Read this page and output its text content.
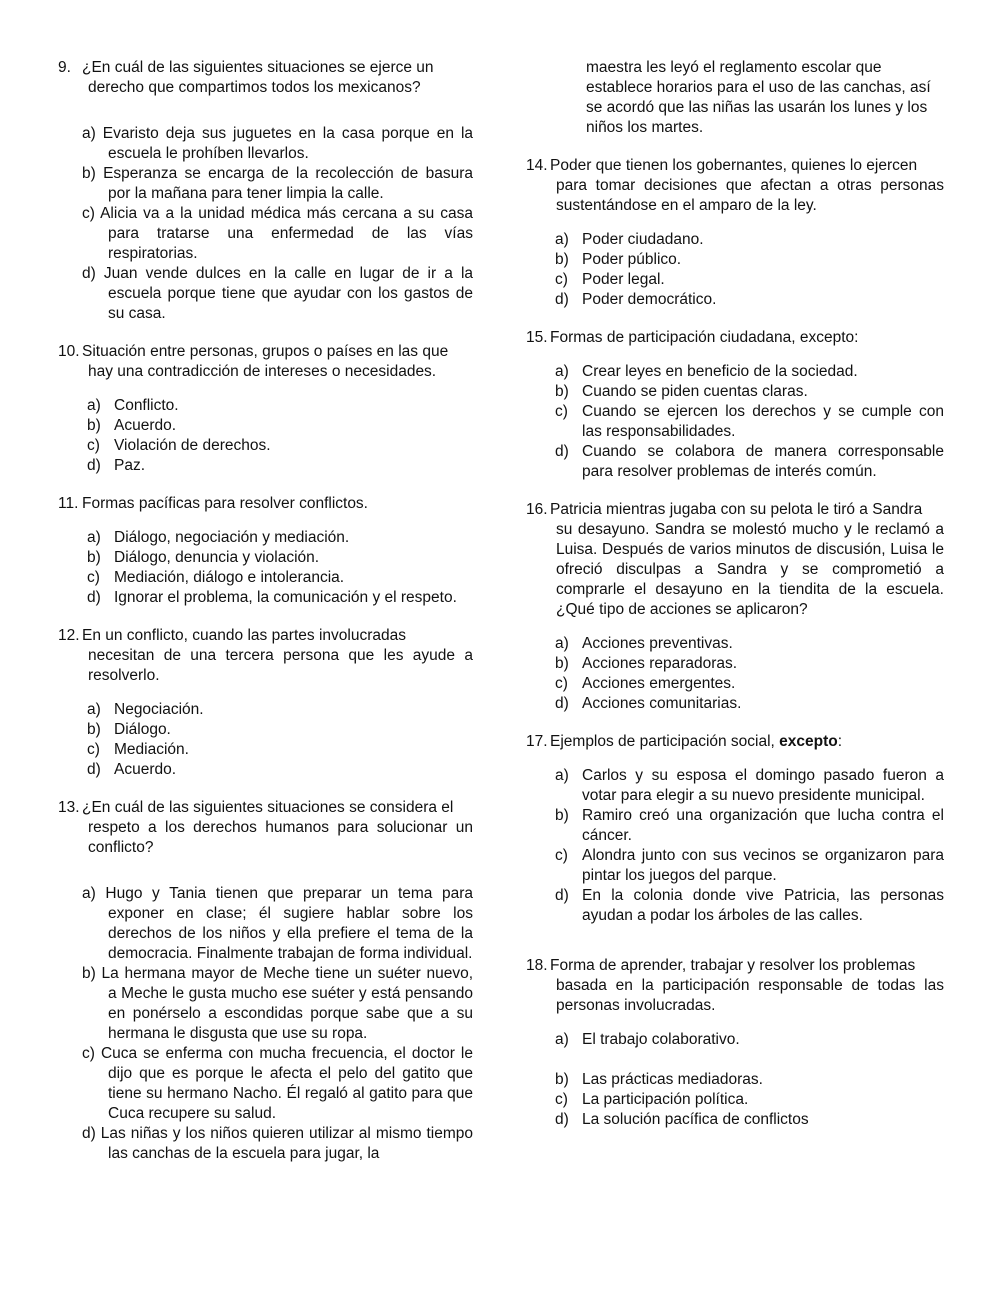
9. ¿En cuál de las siguientes situaciones se ejerce un
derecho que compartimos todos los mexicanos?
a) Evaristo deja sus juguetes en la casa porque en la escuela le prohíben llevarlos.
b) Esperanza se encarga de la recolección de basura por la mañana para tener limpia la calle.
c) Alicia va a la unidad médica más cercana a su casa para tratarse una enfermedad de las vías respiratorias.
d) Juan vende dulces en la calle en lugar de ir a la escuela porque tiene que ayudar con los gastos de su casa.
10. Situación entre personas, grupos o países en las que
hay una contradicción de intereses o necesidades.
a) Conflicto.
b) Acuerdo.
c) Violación de derechos.
d) Paz.
11. Formas pacíficas para resolver conflictos.
a) Diálogo, negociación y mediación.
b) Diálogo, denuncia y violación.
c) Mediación, diálogo e intolerancia.
d) Ignorar el problema, la comunicación y el respeto.
12. En un conflicto, cuando las partes involucradas
necesitan de una tercera persona que les ayude a resolverlo.
a) Negociación.
b) Diálogo.
c) Mediación.
d) Acuerdo.
13. ¿En cuál de las siguientes situaciones se considera el
respeto a los derechos humanos para solucionar un conflicto?
a) Hugo y Tania tienen que preparar un tema para exponer en clase; él sugiere hablar sobre los derechos de los niños y ella prefiere el tema de la democracia. Finalmente trabajan de forma individual.
b) La hermana mayor de Meche tiene un suéter nuevo, a Meche le gusta mucho ese suéter y está pensando en ponérselo a escondidas porque sabe que a su hermana le disgusta que use su ropa.
c) Cuca se enferma con mucha frecuencia, el doctor le dijo que es porque le afecta el pelo del gatito que tiene su hermano Nacho. Él regaló al gatito para que Cuca recupere su salud.
d) Las niñas y los niños quieren utilizar al mismo tiempo las canchas de la escuela para jugar, la
maestra les leyó el reglamento escolar que establece horarios para el uso de las canchas, así se acordó que las niñas las usarán los lunes y los niños los martes.
14. Poder que tienen los gobernantes, quienes lo ejercen
para tomar decisiones que afectan a otras personas sustentándose en el amparo de la ley.
a) Poder ciudadano.
b) Poder público.
c) Poder legal.
d) Poder democrático.
15. Formas de participación ciudadana, excepto:
a) Crear leyes en beneficio de la sociedad.
b) Cuando se piden cuentas claras.
c) Cuando se ejercen los derechos y se cumple con las responsabilidades.
d) Cuando se colabora de manera corresponsable para resolver problemas de interés común.
16. Patricia mientras jugaba con su pelota le tiró a Sandra
su desayuno. Sandra se molestó mucho y le reclamó a Luisa. Después de varios minutos de discusión, Luisa le ofreció disculpas a Sandra y se comprometió a comprarle el desayuno en la tiendita de la escuela. ¿Qué tipo de acciones se aplicaron?
a) Acciones preventivas.
b) Acciones reparadoras.
c) Acciones emergentes.
d) Acciones comunitarias.
17. Ejemplos de participación social, excepto:
a) Carlos y su esposa el domingo pasado fueron a votar para elegir a su nuevo presidente municipal.
b) Ramiro creó una organización que lucha contra el cáncer.
c) Alondra junto con sus vecinos se organizaron para pintar los juegos del parque.
d) En la colonia donde vive Patricia, las personas ayudan a podar los árboles de las calles.
18. Forma de aprender, trabajar y resolver los problemas
basada en la participación responsable de todas las personas involucradas.
a) El trabajo colaborativo.
b) Las prácticas mediadoras.
c) La participación política.
d) La solución pacífica de conflictos
